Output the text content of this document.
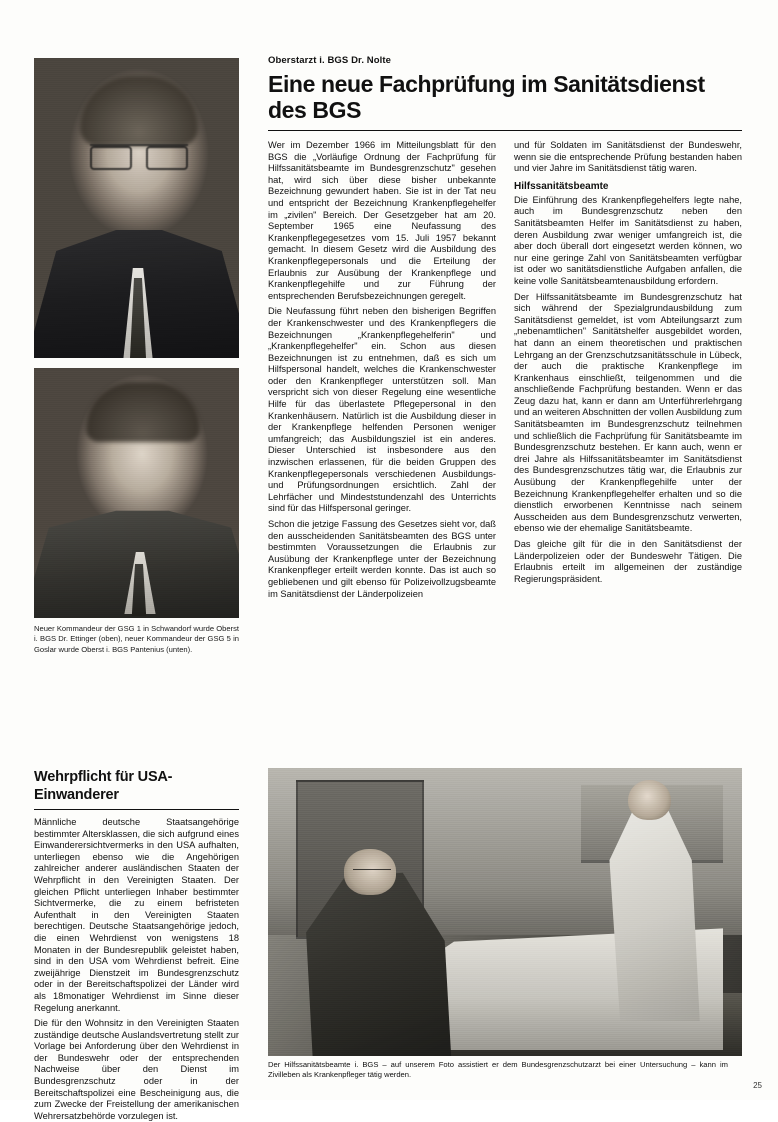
Neuer Kommandeur der GSG 1 in Schwandorf wurde Oberst i. BGS Dr. Ettinger (oben), neuer Kommandeur der GSG 5 in Goslar wurde Oberst i. BGS Pantenius (unten).
Oberstarzt i. BGS Dr. Nolte
Eine neue Fachprüfung im Sanitätsdienst des BGS

Wer im Dezember 1966 im Mitteilungsblatt für den BGS die „Vorläufige Ordnung der Fachprüfung für Hilfssanitätsbeamte im Bundesgrenzschutz" gesehen hat, wird sich über diese bisher unbekannte Bezeichnung gewundert haben. Sie ist in der Tat neu und entspricht der Bezeichnung Krankenpflegehelfer im „zivilen" Bereich. Der Gesetzgeber hat am 20. September 1965 eine Neufassung des Krankenpflegegesetzes vom 15. Juli 1957 bekannt gemacht. In diesem Gesetz wird die Ausbildung des Krankenpflegepersonals und die Erteilung der Erlaubnis zur Ausübung der Krankenpflege und Krankenpflegehilfe und zur Führung der entsprechenden Berufsbezeichnungen geregelt.

Die Neufassung führt neben den bisherigen Begriffen der Krankenschwester und des Krankenpflegers die Bezeichnungen „Krankenpflegehelferin" und „Krankenpflegehelfer" ein. Schon aus diesen Bezeichnungen ist zu entnehmen, daß es sich um Hilfspersonal handelt, welches die Krankenschwester oder den Krankenpfleger unterstützen soll. Man verspricht sich von dieser Regelung eine wesentliche Hilfe für das überlastete Pflegepersonal in den Krankenhäusern. Natürlich ist die Ausbildung dieser in der Krankenpflege helfenden Personen weniger umfangreich; das Ausbildungsziel ist ein anderes. Dieser Unterschied ist insbesondere aus den inzwischen erlassenen, für die beiden Gruppen des Krankenpflegepersonals verschiedenen Ausbildungs- und Prüfungsordnungen ersichtlich. Zahl der Lehrfächer und Mindeststundenzahl des Unterrichts sind für das Hilfspersonal geringer.

Schon die jetzige Fassung des Gesetzes sieht vor, daß den ausscheidenden Sanitätsbeamten des BGS unter bestimmten Voraussetzungen die Erlaubnis zur Ausübung der Krankenpflege unter der Bezeichnung Krankenpfleger erteilt werden konnte. Das ist auch so gebliebenen und gilt ebenso für Polizeivollzugsbeamte im Sanitätsdienst der Länderpolizeien

und für Soldaten im Sanitätsdienst der Bundeswehr, wenn sie die entsprechende Prüfung bestanden haben und vier Jahre im Sanitätsdienst tätig waren.

Hilfssanitätsbeamte

Die Einführung des Krankenpflegehelfers legte nahe, auch im Bundesgrenzschutz neben den Sanitätsbeamten Helfer im Sanitätsdienst zu haben, deren Ausbildung zwar weniger umfangreich ist, die aber doch überall dort eingesetzt werden können, wo nur eine geringe Zahl von Sanitätsbeamten verfügbar ist oder wo sanitätsdienstliche Aufgaben anfallen, die keine volle Sanitätsbeamtenausbildung erfordern.

Der Hilfssanitätsbeamte im Bundesgrenzschutz hat sich während der Spezialgrundausbildung zum Sanitätsdienst gemeldet, ist vom Abteilungsarzt zum „nebenamtlichen" Sanitätshelfer ausgebildet worden, hat dann an einem theoretischen und praktischen Lehrgang an der Grenzschutzsanitätsschule in Lübeck, der auch die praktische Krankenpflege im Krankenhaus einschließt, teilgenommen und die anschließende Fachprüfung bestanden. Wenn er das Zeug dazu hat, kann er dann am Unterführerlehrgang und an weiteren Abschnitten der vollen Ausbildung zum Sanitätsbeamten im Bundesgrenzschutz teilnehmen und schließlich die Fachprüfung für Sanitätsbeamte im Bundesgrenzschutz bestehen. Er kann auch, wenn er drei Jahre als Hilfssanitätsbeamter im Sanitätsdienst des Bundesgrenzschutzes tätig war, die Erlaubnis zur Ausübung der Krankenpflegehilfe unter der Bezeichnung Krankenpflegehelfer erhalten und so die dienstlich erworbenen Kenntnisse nach seinem Ausscheiden aus dem Bundesgrenzschutz verwerten, ebenso wie der ehemalige Sanitätsbeamte.

Das gleiche gilt für die in den Sanitätsdienst der Länderpolizeien oder der Bundeswehr Tätigen. Die Erlaubnis erteilt im allgemeinen der zuständige Regierungspräsident.

Wehrpflicht für USA-Einwanderer

Männliche deutsche Staatsangehörige bestimmter Altersklassen, die sich aufgrund eines Einwanderersichtvermerks in den USA aufhalten, unterliegen ebenso wie die Angehörigen zahlreicher anderer ausländischen Staaten der Wehrpflicht in den Vereinigten Staaten. Der gleichen Pflicht unterliegen Inhaber bestimmter Sichtvermerke, die zu einem befristeten Aufenthalt in den Vereinigten Staaten berechtigen. Deutsche Staatsangehörige jedoch, die einen Wehrdienst von wenigstens 18 Monaten in der Bundesrepublik geleistet haben, sind in den USA vom Wehrdienst befreit. Eine zweijährige Dienstzeit im Bundesgrenzschutz oder in der Bereitschaftspolizei der Länder wird als 18monatiger Wehrdienst im Sinne dieser Regelung anerkannt.

Die für den Wohnsitz in den Vereinigten Staaten zuständige deutsche Auslandsvertretung stellt zur Vorlage bei Anforderung über den Wehrdienst in der Bundeswehr oder der entsprechenden Nachweise über den Dienst im Bundesgrenzschutz oder in der Bereitschaftspolizei eine Bescheinigung aus, die zum Zwecke der Freistellung der amerikanischen Wehrersatzbehörde vorzulegen ist.

Der Hilfssanitätsbeamte i. BGS – auf unserem Foto assistiert er dem Bundesgrenzschutzarzt bei einer Untersuchung – kann im Zivilleben als Krankenpfleger tätig werden.
25
